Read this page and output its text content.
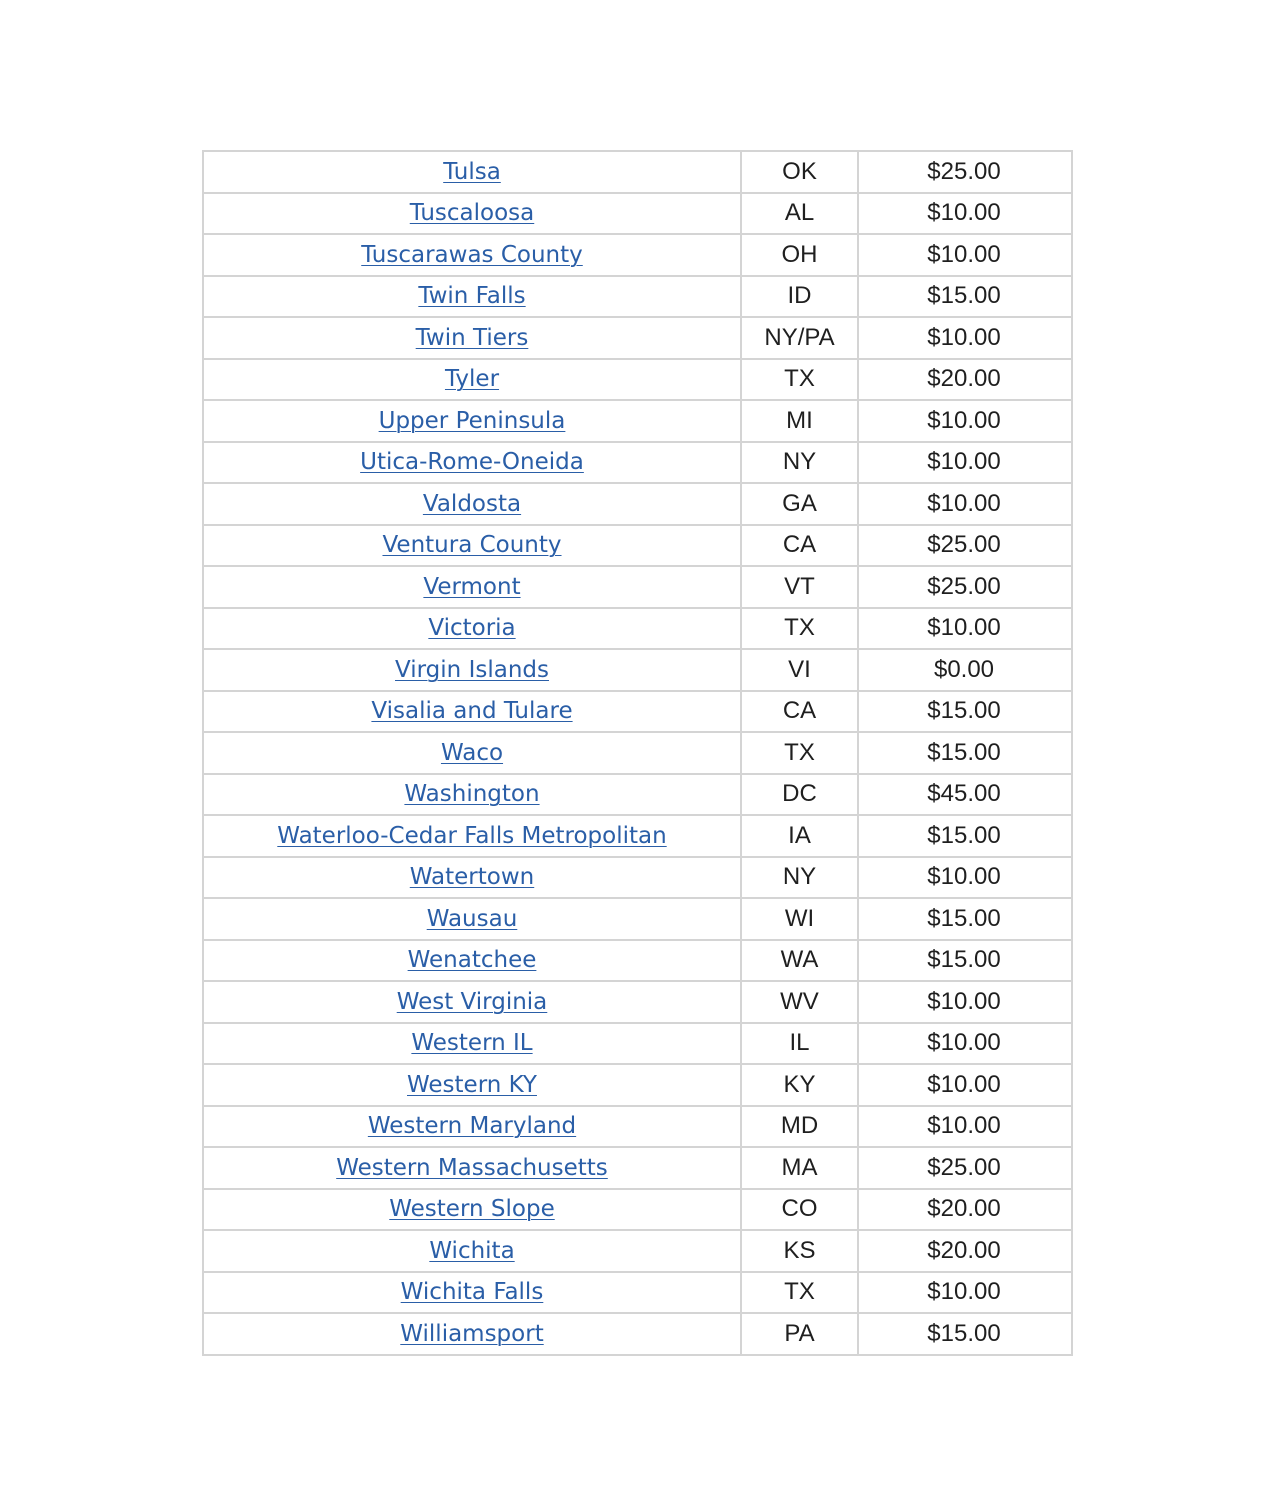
Tulsa	OK	$25.00
Tuscaloosa	AL	$10.00
Tuscarawas County	OH	$10.00
Twin Falls	ID	$15.00
Twin Tiers	NY/PA	$10.00
Tyler	TX	$20.00
Upper Peninsula	MI	$10.00
Utica-Rome-Oneida	NY	$10.00
Valdosta	GA	$10.00
Ventura County	CA	$25.00
Vermont	VT	$25.00
Victoria	TX	$10.00
Virgin Islands	VI	$0.00
Visalia and Tulare	CA	$15.00
Waco	TX	$15.00
Washington	DC	$45.00
Waterloo-Cedar Falls Metropolitan	IA	$15.00
Watertown	NY	$10.00
Wausau	WI	$15.00
Wenatchee	WA	$15.00
West Virginia	WV	$10.00
Western IL	IL	$10.00
Western KY	KY	$10.00
Western Maryland	MD	$10.00
Western Massachusetts	MA	$25.00
Western Slope	CO	$20.00
Wichita	KS	$20.00
Wichita Falls	TX	$10.00
Williamsport	PA	$15.00
